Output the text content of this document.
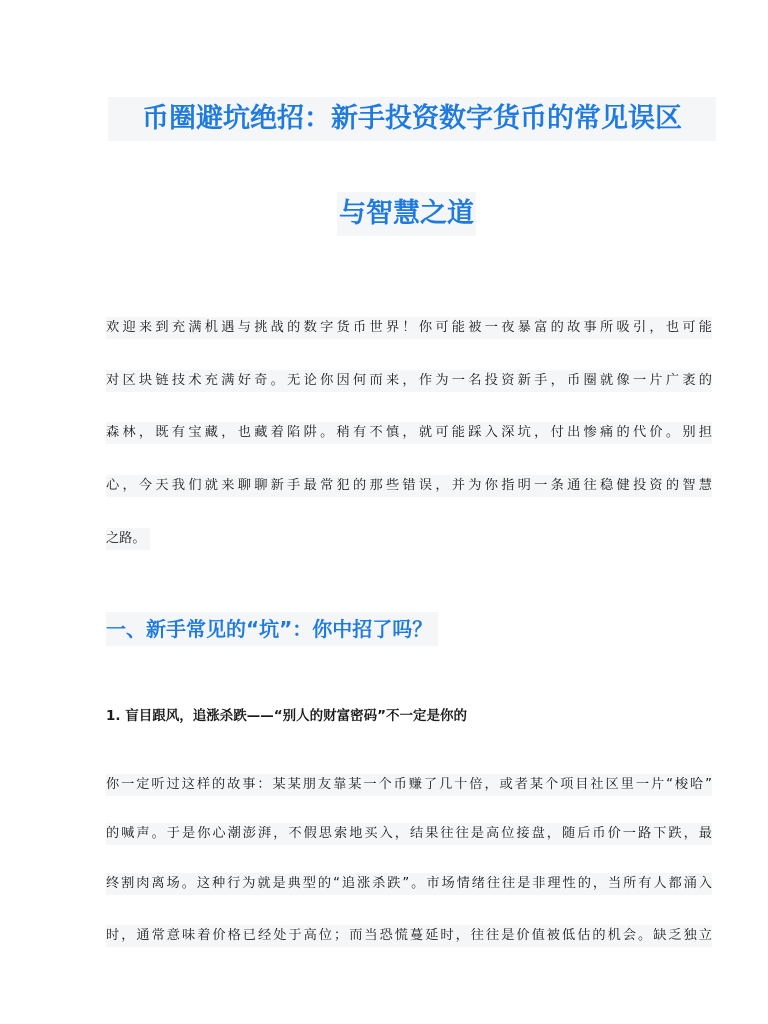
币圈避坑绝招：新手投资数字货币的常见误区
与智慧之道
欢迎来到充满机遇与挑战的数字货币世界！你可能被一夜暴富的故事所吸引，也可能
对区块链技术充满好奇。无论你因何而来，作为一名投资新手，币圈就像一片广袤的
森林，既有宝藏，也藏着陷阱。稍有不慎，就可能踩入深坑，付出惨痛的代价。别担
心，今天我们就来聊聊新手最常犯的那些错误，并为你指明一条通往稳健投资的智慧
之路。
一、新手常见的“坑”：你中招了吗？
1. 盲目跟风，追涨杀跌——“别人的财富密码”不一定是你的
你一定听过这样的故事：某某朋友靠某一个币赚了几十倍，或者某个项目社区里一片“梭哈”
的喊声。于是你心潮澎湃，不假思索地买入，结果往往是高位接盘，随后币价一路下跌，最
终割肉离场。这种行为就是典型的“追涨杀跌”。市场情绪往往是非理性的，当所有人都涌入
时，通常意味着价格已经处于高位；而当恐慌蔓延时，往往是价值被低估的机会。缺乏独立
